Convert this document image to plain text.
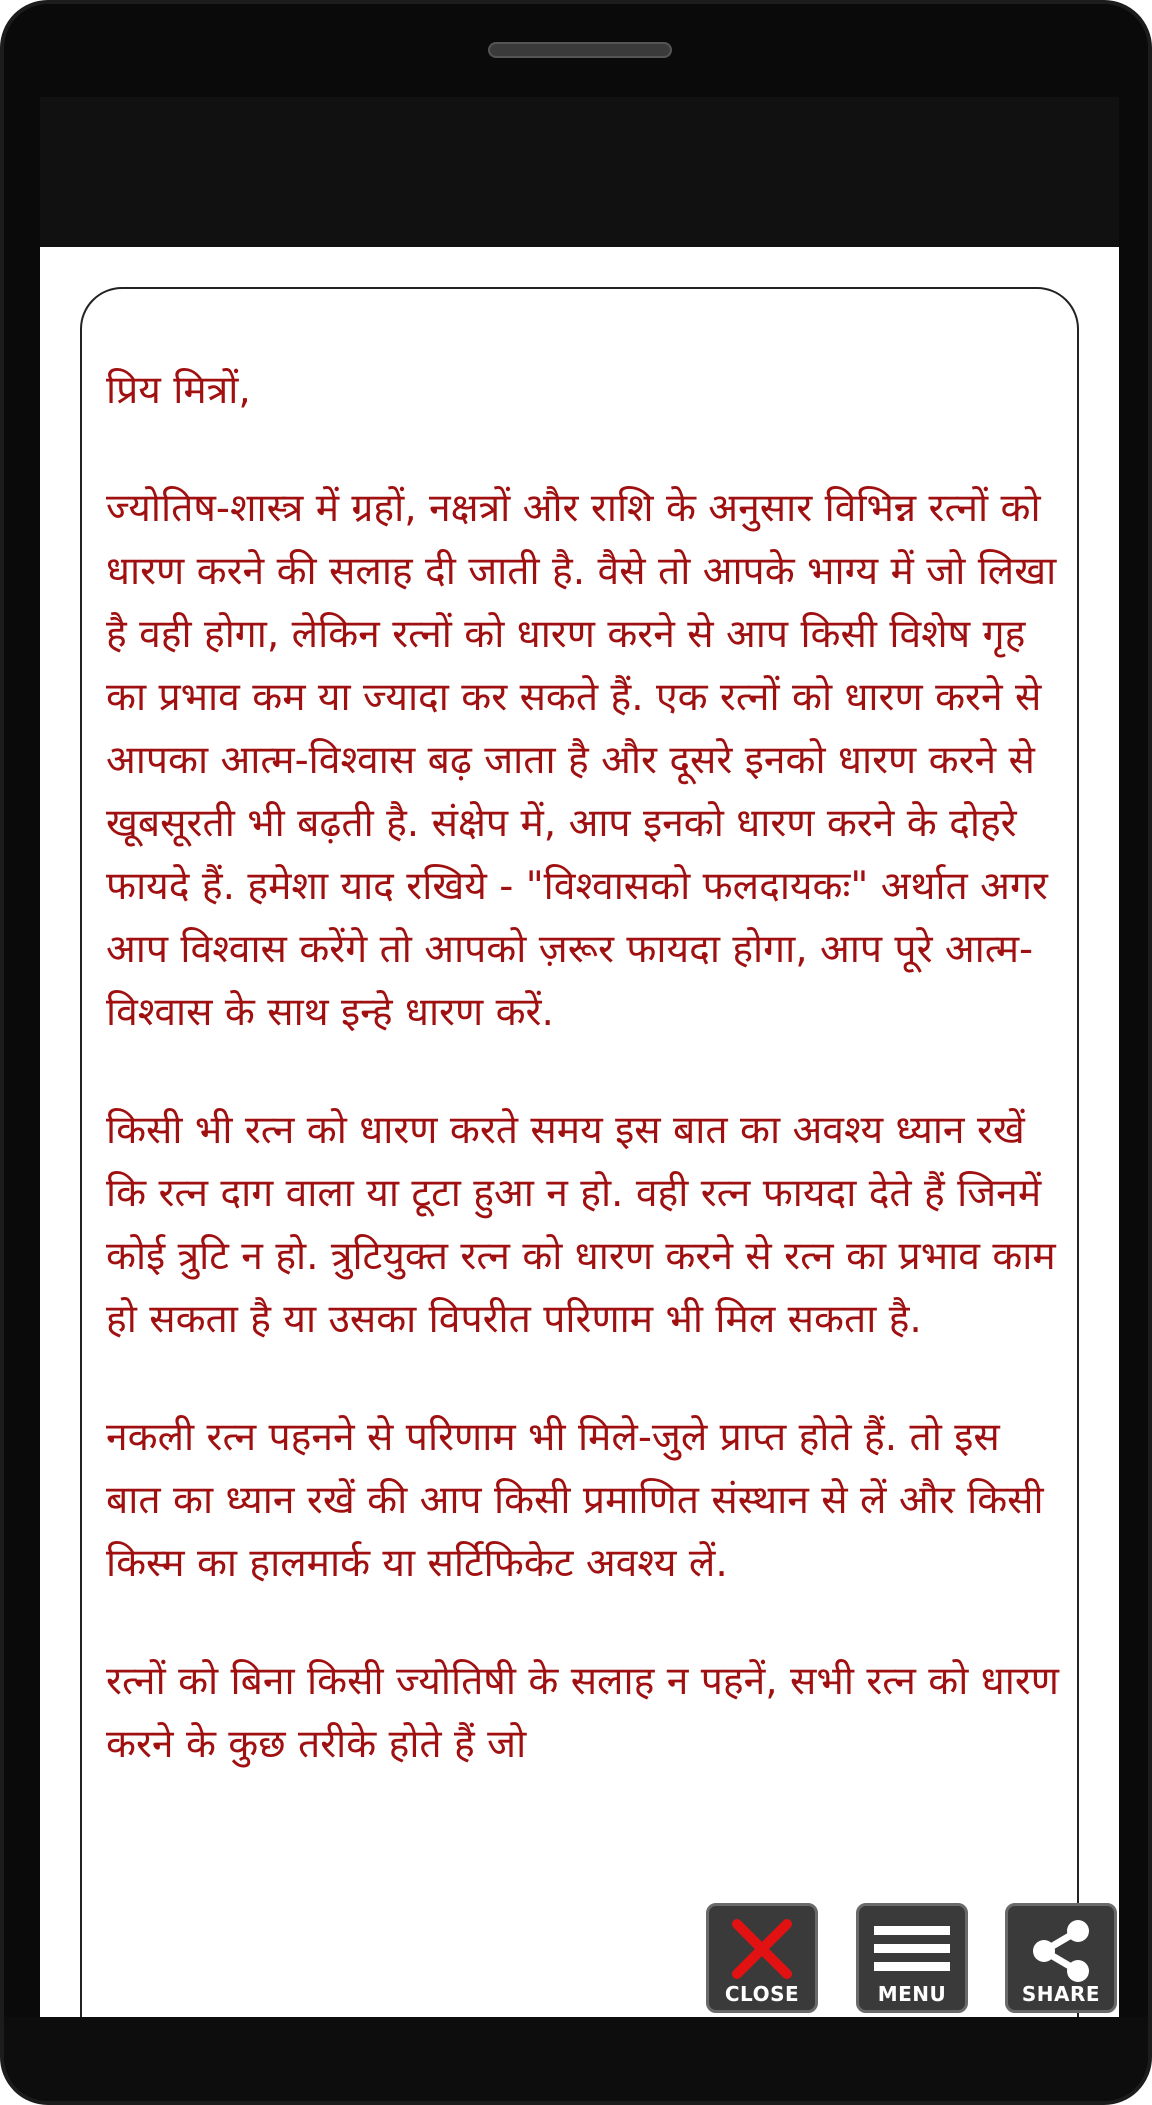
प्रिय मित्रों,

ज्योतिष-शास्त्र में ग्रहों, नक्षत्रों और राशि के अनुसार विभिन्न रत्नों को धारण करने की सलाह दी जाती है. वैसे तो आपके भाग्य में जो लिखा है वही होगा, लेकिन रत्नों को धारण करने से आप किसी विशेष गृह का प्रभाव कम या ज्यादा कर सकते हैं. एक रत्नों को धारण करने से आपका आत्म-विश्वास बढ़ जाता है और दूसरे इनको धारण करने से खूबसूरती भी बढ़ती है. संक्षेप में, आप इनको धारण करने के दोहरे फायदे हैं. हमेशा याद रखिये - "विश्वासको फलदायकः" अर्थात अगर आप विश्वास करेंगे तो आपको ज़रूर फायदा होगा, आप पूरे आत्म-विश्वास के साथ इन्हे धारण करें.

किसी भी रत्न को धारण करते समय इस बात का अवश्य ध्यान रखें कि रत्न दाग वाला या टूटा हुआ न हो. वही रत्न फायदा देते हैं जिनमें कोई त्रुटि न हो. त्रुटियुक्त रत्न को धारण करने से रत्न का प्रभाव काम हो सकता है या उसका विपरीत परिणाम भी मिल सकता है.

नकली रत्न पहनने से परिणाम भी मिले-जुले प्राप्त होते हैं. तो इस बात का ध्यान रखें की आप किसी प्रमाणित संस्थान से लें और किसी किस्म का हालमार्क या सर्टिफिकेट अवश्य लें.

रत्नों को बिना किसी ज्योतिषी के सलाह न पहनें, सभी रत्न को धारण करने के कुछ तरीके होते हैं जो

CLOSE	MENU	SHARE
